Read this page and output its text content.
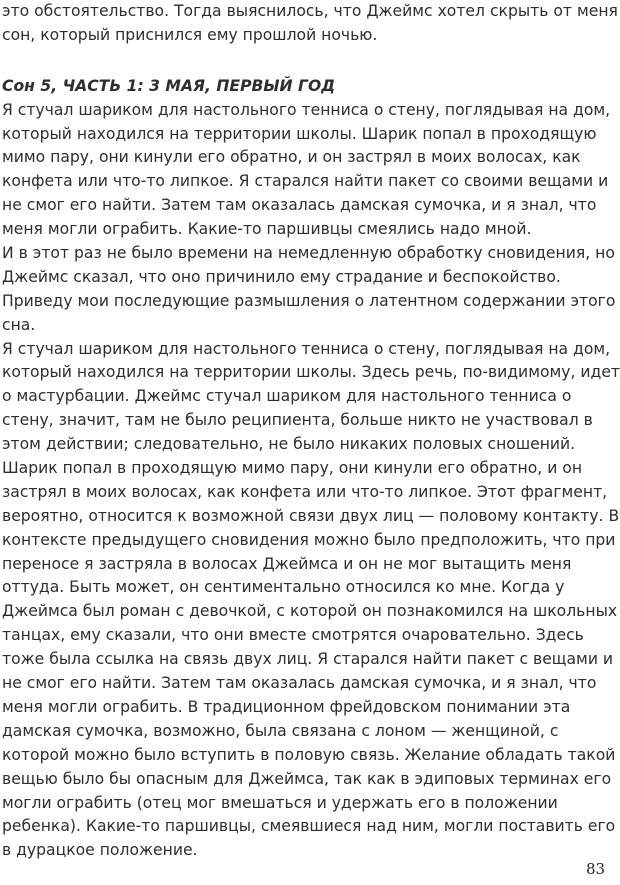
это обстоятельство. Тогда выяснилось, что Джеймс хотел скрыть от меня
сон, который приснился ему прошлой ночью.
Сон 5, ЧАСТЬ 1: 3 МАЯ, ПЕРВЫЙ ГОД
Я стучал шариком для настольного тенниса о стену, поглядывая на дом,
который находился на территории школы. Шарик попал в проходящую
мимо пару, они кинули его обратно, и он застрял в моих волосах, как
конфета или что-то липкое. Я старался найти пакет со своими вещами и
не смог его найти. Затем там оказалась дамская сумочка, и я знал, что
меня могли ограбить. Какие-то паршивцы смеялись надо мной.
И в этот раз не было времени на немедленную обработку сновидения, но
Джеймс сказал, что оно причинило ему страдание и беспокойство.
Приведу мои последующие размышления о латентном содержании этого
сна.
Я стучал шариком для настольного тенниса о стену, поглядывая на дом,
который находился на территории школы. Здесь речь, по-видимому, идет
о мастурбации. Джеймс стучал шариком для настольного тенниса о
стену, значит, там не было реципиента, больше никто не участвовал в
этом действии; следовательно, не было никаких половых сношений.
Шарик попал в проходящую мимо пару, они кинули его обратно, и он
застрял в моих волосах, как конфета или что-то липкое. Этот фрагмент,
вероятно, относится к возможной связи двух лиц — половому контакту. В
контексте предыдущего сновидения можно было предположить, что при
переносе я застряла в волосах Джеймса и он не мог вытащить меня
оттуда. Быть может, он сентиментально относился ко мне. Когда у
Джеймса был роман с девочкой, с которой он познакомился на школьных
танцах, ему сказали, что они вместе смотрятся очаровательно. Здесь
тоже была ссылка на связь двух лиц. Я старался найти пакет с вещами и
не смог его найти. Затем там оказалась дамская сумочка, и я знал, что
меня могли ограбить. В традиционном фрейдовском понимании эта
дамская сумочка, возможно, была связана с лоном — женщиной, с
которой можно было вступить в половую связь. Желание обладать такой
вещью было бы опасным для Джеймса, так как в эдиповых терминах его
могли ограбить (отец мог вмешаться и удержать его в положении
ребенка). Какие-то паршивцы, смеявшиеся над ним, могли поставить его
в дурацкое положение.
83
